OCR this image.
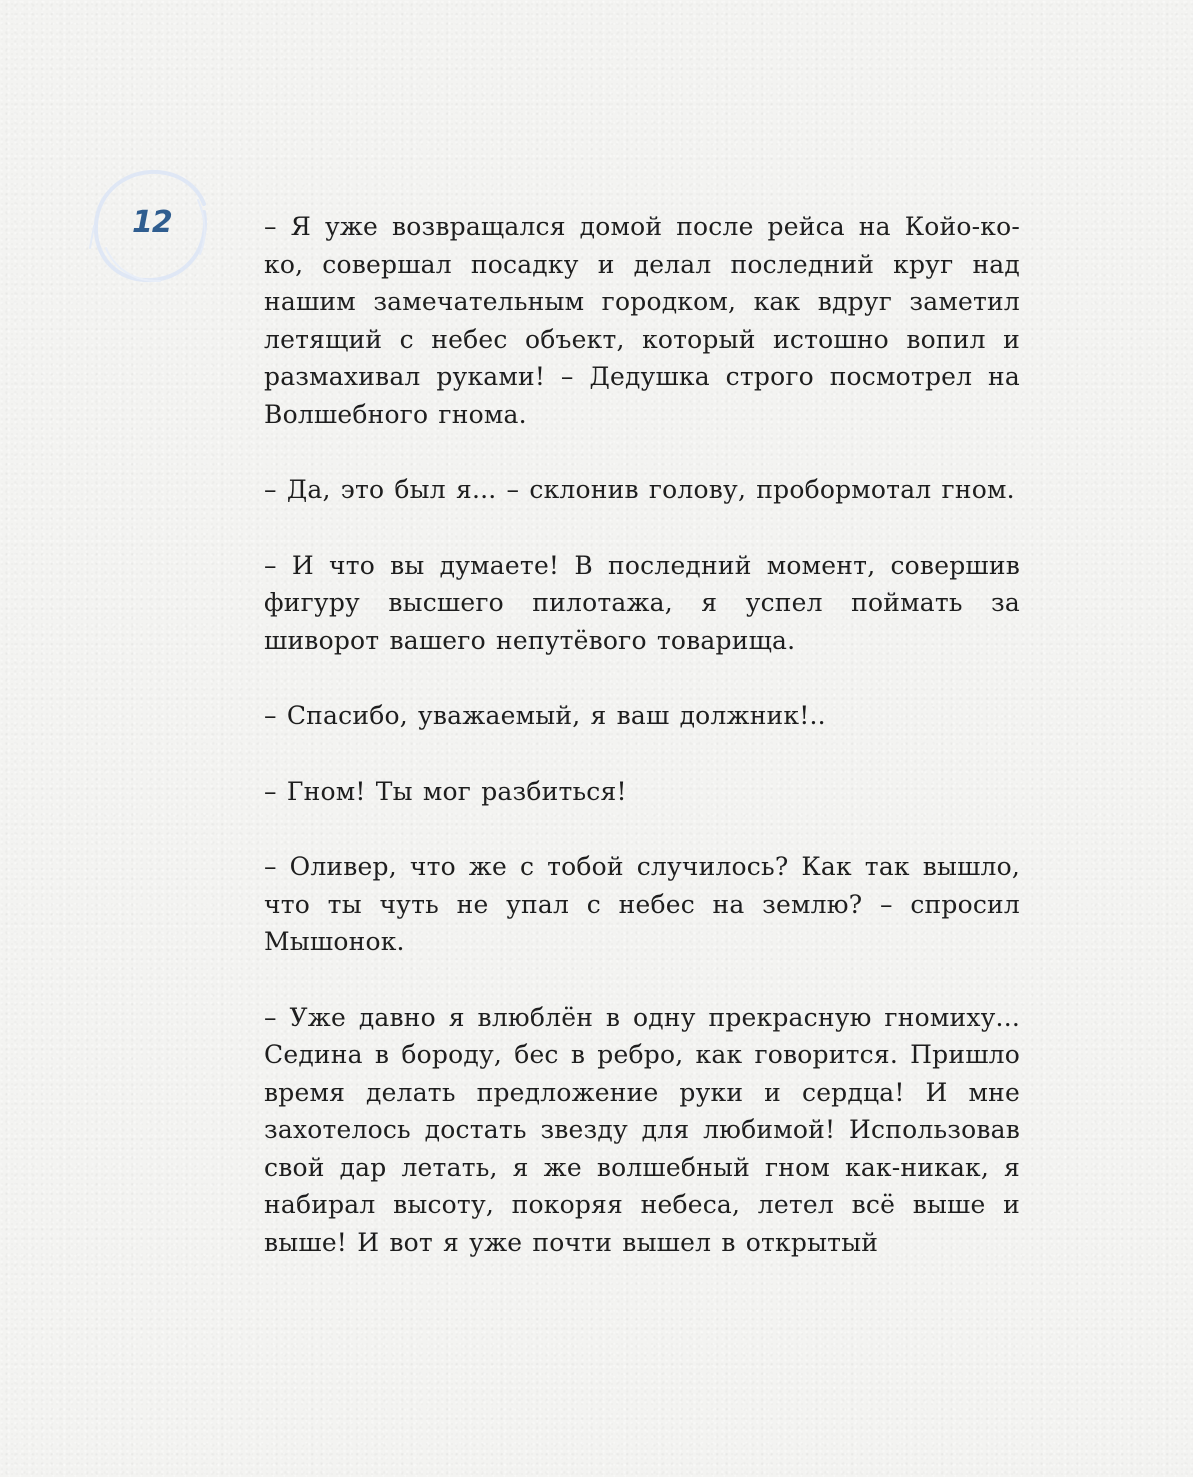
12	– Я уже возвращался домой после рейса на Койо-ко-ко, совершал посадку и делал последний круг над нашим замечательным городком, как вдруг заметил летящий с небес объект, который истошно вопил и размахивал руками! – Дедушка строго посмотрел на Волшебного гнома.

– Да, это был я... – склонив голову, пробормотал гном.

– И что вы думаете! В последний момент, совершив фигуру высшего пилотажа, я успел поймать за шиворот вашего непутёвого товарища.

– Спасибо, уважаемый, я ваш должник!..

– Гном! Ты мог разбиться!

– Оливер, что же с тобой случилось? Как так вышло, что ты чуть не упал с небес на землю? – спросил Мышонок.

– Уже давно я влюблён в одну прекрасную гномиху... Седина в бороду, бес в ребро, как говорится. Пришло время делать предложение руки и сердца! И мне захотелось достать звезду для любимой! Использовав свой дар летать, я же волшебный гном как-никак, я набирал высоту, покоряя небеса, летел всё выше и выше! И вот я уже почти вышел в открытый
